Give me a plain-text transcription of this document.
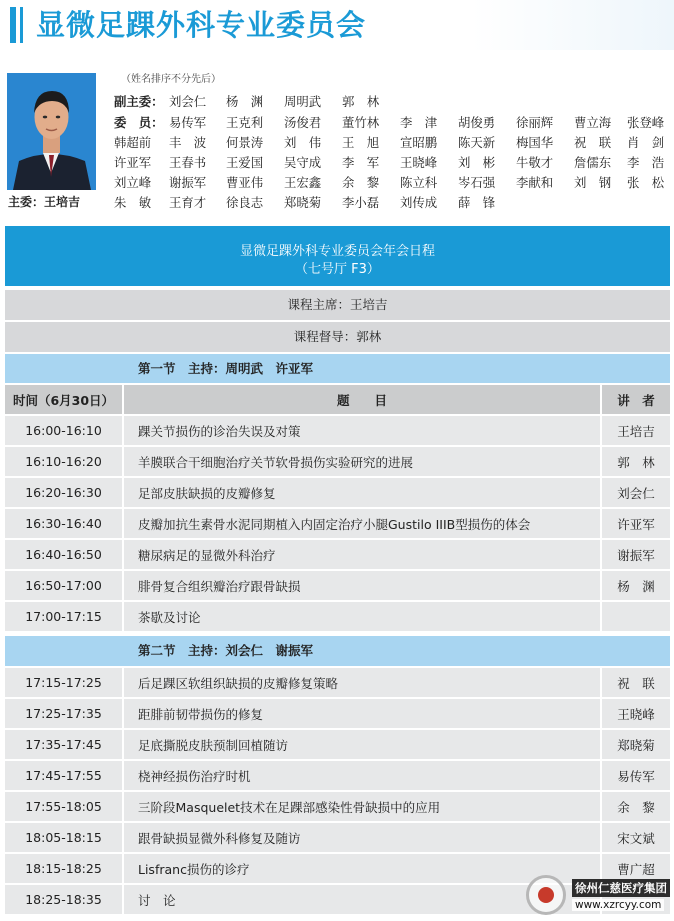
显微足踝外科专业委员会
主委：王培吉
（姓名排序不分先后）
副主委： 刘会仁 杨　渊 周明武 郭　林
委　员： 易传军 王克利 汤俊君 董竹林 李　津 胡俊勇 徐丽辉 曹立海 张登峰
韩超前 丰　波 何景涛 刘　伟 王　旭 宣昭鹏 陈天新 梅国华 祝　联 肖　剑
许亚军 王春书 王爱国 吴守成 李　军 王晓峰 刘　彬 牛敬才 詹儒东 李　浩
刘立峰 谢振军 曹亚伟 王宏鑫 余　黎 陈立科 岑石强 李献和 刘　钢 张　松
朱　敏 王育才 徐良志 郑晓菊 李小磊 刘传成 薛　锋
显微足踝外科专业委员会年会日程
（七号厅 F3）
课程主席：王培吉
课程督导：郭林
第一节　主持：周明武　许亚军
时间（6月30日）	题　　目	讲　者
16:00-16:10	踝关节损伤的诊治失误及对策	王培吉
16:10-16:20	羊膜联合干细胞治疗关节软骨损伤实验研究的进展	郭　林
16:20-16:30	足部皮肤缺损的皮瓣修复	刘会仁
16:30-16:40	皮瓣加抗生素骨水泥同期植入内固定治疗小腿Gustilo IIIB型损伤的体会	许亚军
16:40-16:50	糖尿病足的显微外科治疗	谢振军
16:50-17:00	腓骨复合组织瓣治疗跟骨缺损	杨　渊
17:00-17:15	茶歇及讨论
第二节　主持：刘会仁　谢振军
17:15-17:25	后足踝区软组织缺损的皮瓣修复策略	祝　联
17:25-17:35	距腓前韧带损伤的修复	王晓峰
17:35-17:45	足底撕脱皮肤预制回植随访	郑晓菊
17:45-17:55	桡神经损伤治疗时机	易传军
17:55-18:05	三阶段Masquelet技术在足踝部感染性骨缺损中的应用	余　黎
18:05-18:15	跟骨缺损显微外科修复及随访	宋文斌
18:15-18:25	Lisfranc损伤的诊疗	曹广超
18:25-18:35	讨　论
徐州仁慈医疗集团
www.xzrcyy.com
